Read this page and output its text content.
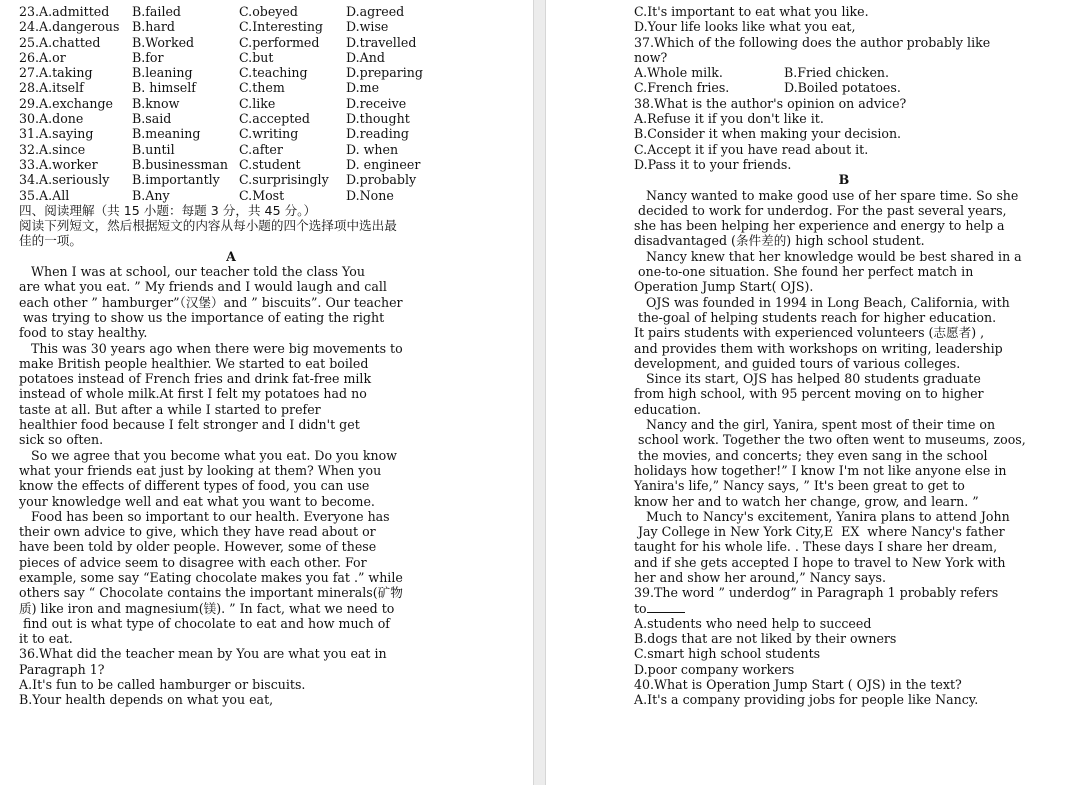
23.A.admitted	B.failed	C.obeyed	D.agreed
24.A.dangerous B.hard	C.Interesting	D.wise
25.A.chatted	B.Worked	C.performed	D.travelled
26.A.or	B.for	C.but	D.And
27.A.taking	B.leaning	C.teaching	D.preparing
28.A.itself	B. himself	C.them	D.me
29.A.exchange	B.know	C.like	D.receive
30.A.done	B.said	C.accepted	D.thought
31.A.saying	B.meaning	C.writing	D.reading
32.A.since	B.until	C.after	D. when
33.A.worker	B.businessman C.student	D. engineer
34.A.seriously	B.importantly	C.surprisingly	D.probably
35.A.All	B.Any	C.Most	D.None
四、阅读理解（共 15 小题：每题 3 分，共 45 分。）
阅读下列短文，然后根据短文的内容从每小题的四个选择项中选出最
佳的一项。
A
When I was at school, our teacher told the class You
are what you eat. ” My friends and I would laugh and call
each other ” hamburger”（汉堡）and ” biscuits”. Our teacher
was trying to show us the importance of eating the right
food to stay healthy.
This was 30 years ago when there were big movements to
make British people healthier. We started to eat boiled
potatoes instead of French fries and drink fat-free milk
instead of whole milk.At first I felt my potatoes had no
taste at all. But after a while I started to prefer
healthier food because I felt stronger and I didn't get
sick so often.
So we agree that you become what you eat. Do you know
what your friends eat just by looking at them? When you
know the effects of different types of food, you can use
your knowledge well and eat what you want to become.
Food has been so important to our health. Everyone has
their own advice to give, which they have read about or
have been told by older people. However, some of these
pieces of advice seem to disagree with each other. For
example, some say “Eating chocolate makes you fat .” while
others say “ Chocolate contains the important minerals(矿物
质) like iron and magnesium(镁). ” In fact, what we need to
find out is what type of chocolate to eat and how much of
it to eat.
36.What did the teacher mean by You are what you eat in
Paragraph 1?
A.It's fun to be called hamburger or biscuits.
B.Your health depends on what you eat,
C.It's important to eat what you like.
D.Your life looks like what you eat,
37.Which of the following does the author probably like
now?
A.Whole milk.	B.Fried chicken.
C.French fries.	D.Boiled potatoes.
38.What is the author's opinion on advice?
A.Refuse it if you don't like it.
B.Consider it when making your decision.
C.Accept it if you have read about it.
D.Pass it to your friends.
B
Nancy wanted to make good use of her spare time. So she
decided to work for underdog. For the past several years,
she has been helping her experience and energy to help a
disadvantaged (条件差的) high school student.
Nancy knew that her knowledge would be best shared in a
one-to-one situation. She found her perfect match in
Operation Jump Start( OJS).
OJS was founded in 1994 in Long Beach, California, with
the-goal of helping students reach for higher education.
It pairs students with experienced volunteers (志愿者) ,
and provides them with workshops on writing, leadership
development, and guided tours of various colleges.
Since its start, OJS has helped 80 students graduate
from high school, with 95 percent moving on to higher
education.
Nancy and the girl, Yanira, spent most of their time on
school work. Together the two often went to museums, zoos,
the movies, and concerts; they even sang in the school
holidays how together!” I know I'm not like anyone else in
Yanira's life,” Nancy says, ” It's been great to get to
know her and to watch her change, grow, and learn. ”
Much to Nancy's excitement, Yanira plans to attend John
Jay College in New York City,E  EX  where Nancy's father
taught for his whole life. . These days I share her dream,
and if she gets accepted I hope to travel to New York with
her and show her around,” Nancy says.
39.The word ” underdog” in Paragraph 1 probably refers
to
A.students who need help to succeed
B.dogs that are not liked by their owners
C.smart high school students
D.poor company workers
40.What is Operation Jump Start ( OJS) in the text?
A.It's a company providing jobs for people like Nancy.
